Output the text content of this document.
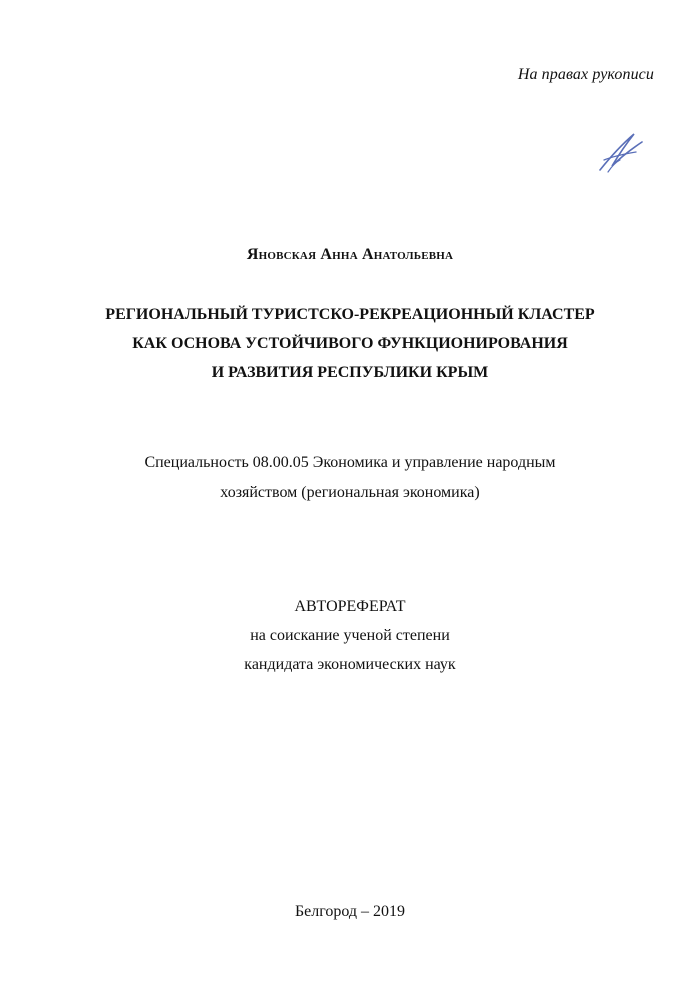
На правах рукописи
Яновская Анна Анатольевна
РЕГИОНАЛЬНЫЙ ТУРИСТСКО-РЕКРЕАЦИОННЫЙ КЛАСТЕР
КАК ОСНОВА УСТОЙЧИВОГО ФУНКЦИОНИРОВАНИЯ
И РАЗВИТИЯ РЕСПУБЛИКИ КРЫМ
Специальность 08.00.05 Экономика и управление народным
хозяйством (региональная экономика)
АВТОРЕФЕРАТ
на соискание ученой степени
кандидата экономических наук
Белгород – 2019
